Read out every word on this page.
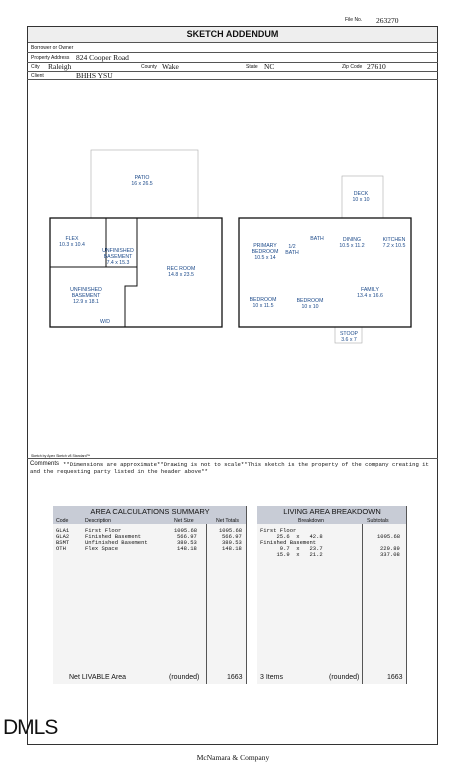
File No. 263270
SKETCH ADDENDUM
Borrower or Owner
Property Address 824 Cooper Road
City Raleigh	County Wake	State NC	Zip Code 27610
Client	BHHS YSU
PATIO
16 x 26.5
DECK
10 x 10
FLEX
10.3 x 10.4
UNFINISHED
BASEMENT
7.4 x 15.3
REC ROOM
14.8 x 23.5
UNFINISHED
BASEMENT
12.9 x 18.1
W/D
PRIMARY
BEDROOM
10.5 x 14
1/2
BATH
BATH	DINING
10.5 x 11.2
KITCHEN
7.2 x 10.5
FAMILY
13.4 x 16.6
BEDROOM
10 x 11.5
BEDROOM
10 x 10
STOOP
3.6 x 7
Sketch by Apex Sketch v8 Standard™
Comments **Dimensions are approximate**Drawing is not to scale**This sketch is the property of the company creating it
and the requesting party listed in the header above**
AREA CALCULATIONS SUMMARY
Code	Description	Net Size	Net Totals
GLA1	First Floor	1095.68	1095.68
GLA2	Finished Basement	566.97	566.97
BSMT	Unfinished Basement	380.53	380.53
OTH	Flex Space	148.18	148.18
Net LIVABLE Area	(rounded)	1663
LIVING AREA BREAKDOWN
Breakdown	Subtotals
First Floor
25.6  x   42.8	1095.68
Finished Basement
9.7  x   23.7	229.89
15.9  x   21.2	337.08
3 Items	(rounded)	1663
DMLS
McNamara & Company
